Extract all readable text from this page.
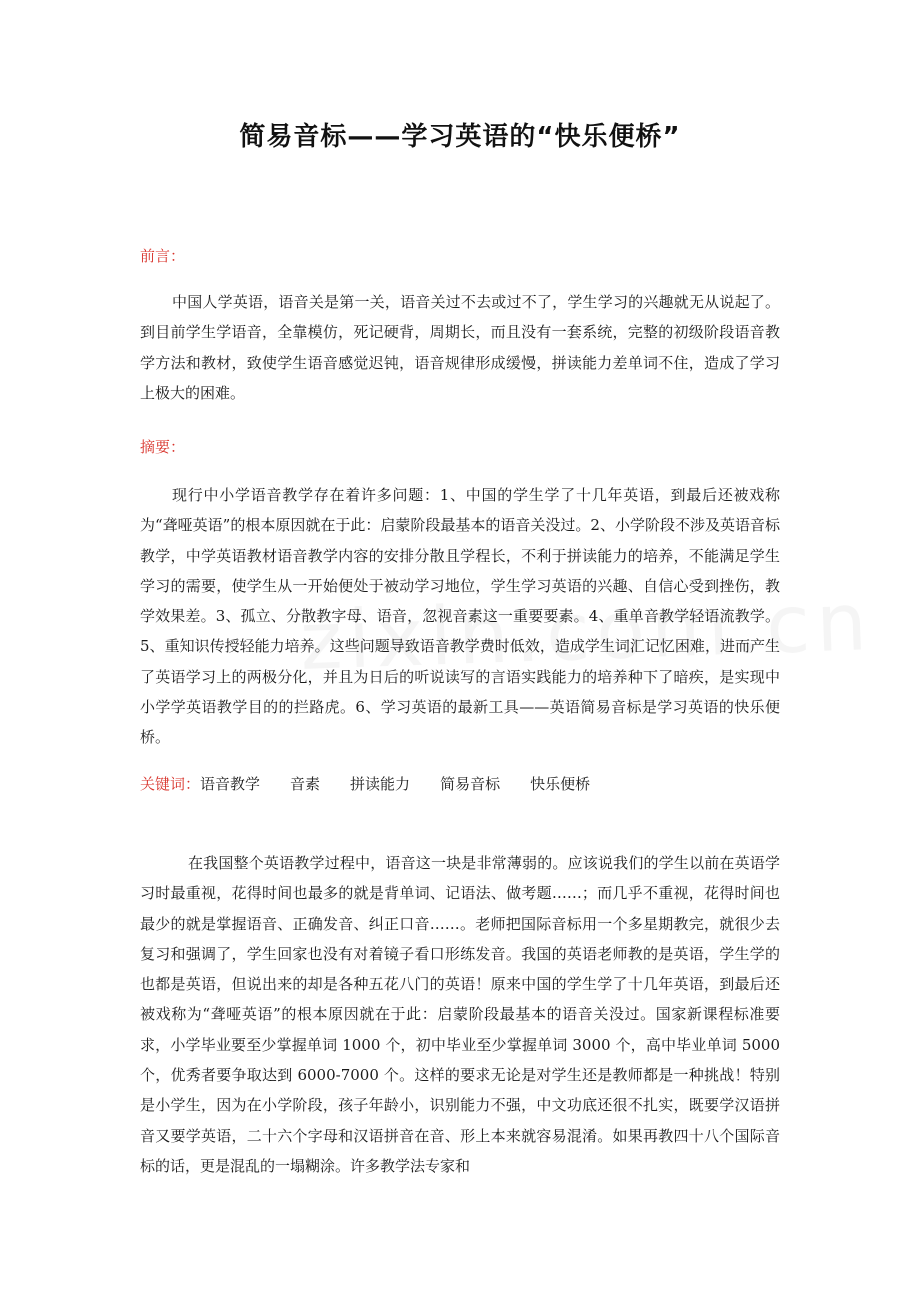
简易音标——学习英语的“快乐便桥”
前言：

中国人学英语，语音关是第一关，语音关过不去或过不了，学生学习的兴趣就无从说起了。到目前学生学语音，全靠模仿，死记硬背，周期长，而且没有一套系统，完整的初级阶段语音教学方法和教材，致使学生语音感觉迟钝，语音规律形成缓慢，拼读能力差单词不住，造成了学习上极大的困难。

摘要：

现行中小学语音教学存在着许多问题：1、中国的学生学了十几年英语，到最后还被戏称为“聋哑英语”的根本原因就在于此：启蒙阶段最基本的语音关没过。2、小学阶段不涉及英语音标教学，中学英语教材语音教学内容的安排分散且学程长，不利于拼读能力的培养，不能满足学生学习的需要，使学生从一开始便处于被动学习地位，学生学习英语的兴趣、自信心受到挫伤，教学效果差。3、孤立、分散教字母、语音，忽视音素这一重要要素。4、重单音教学轻语流教学。5、重知识传授轻能力培养。这些问题导致语音教学费时低效，造成学生词汇记忆困难，进而产生了英语学习上的两极分化，并且为日后的听说读写的言语实践能力的培养种下了暗疾，是实现中小学学英语教学目的的拦路虎。6、学习英语的最新工具——英语简易音标是学习英语的快乐便桥。

关键词：语音教学 音素 拼读能力 简易音标 快乐便桥

在我国整个英语教学过程中，语音这一块是非常薄弱的。应该说我们的学生以前在英语学习时最重视，花得时间也最多的就是背单词、记语法、做考题……；而几乎不重视，花得时间也最少的就是掌握语音、正确发音、纠正口音……。老师把国际音标用一个多星期教完，就很少去复习和强调了，学生回家也没有对着镜子看口形练发音。我国的英语老师教的是英语，学生学的也都是英语，但说出来的却是各种五花八门的英语！原来中国的学生学了十几年英语，到最后还被戏称为“聋哑英语”的根本原因就在于此：启蒙阶段最基本的语音关没过。国家新课程标准要求，小学毕业要至少掌握单词 1000 个，初中毕业至少掌握单词 3000 个，高中毕业单词 5000 个，优秀者要争取达到 6000-7000 个。这样的要求无论是对学生还是教师都是一种挑战！特别是小学生，因为在小学阶段，孩子年龄小，识别能力不强，中文功底还很不扎实，既要学汉语拼音又要学英语，二十六个字母和汉语拼音在音、形上本来就容易混淆。如果再教四十八个国际音标的话，更是混乱的一塌糊涂。许多教学法专家和
